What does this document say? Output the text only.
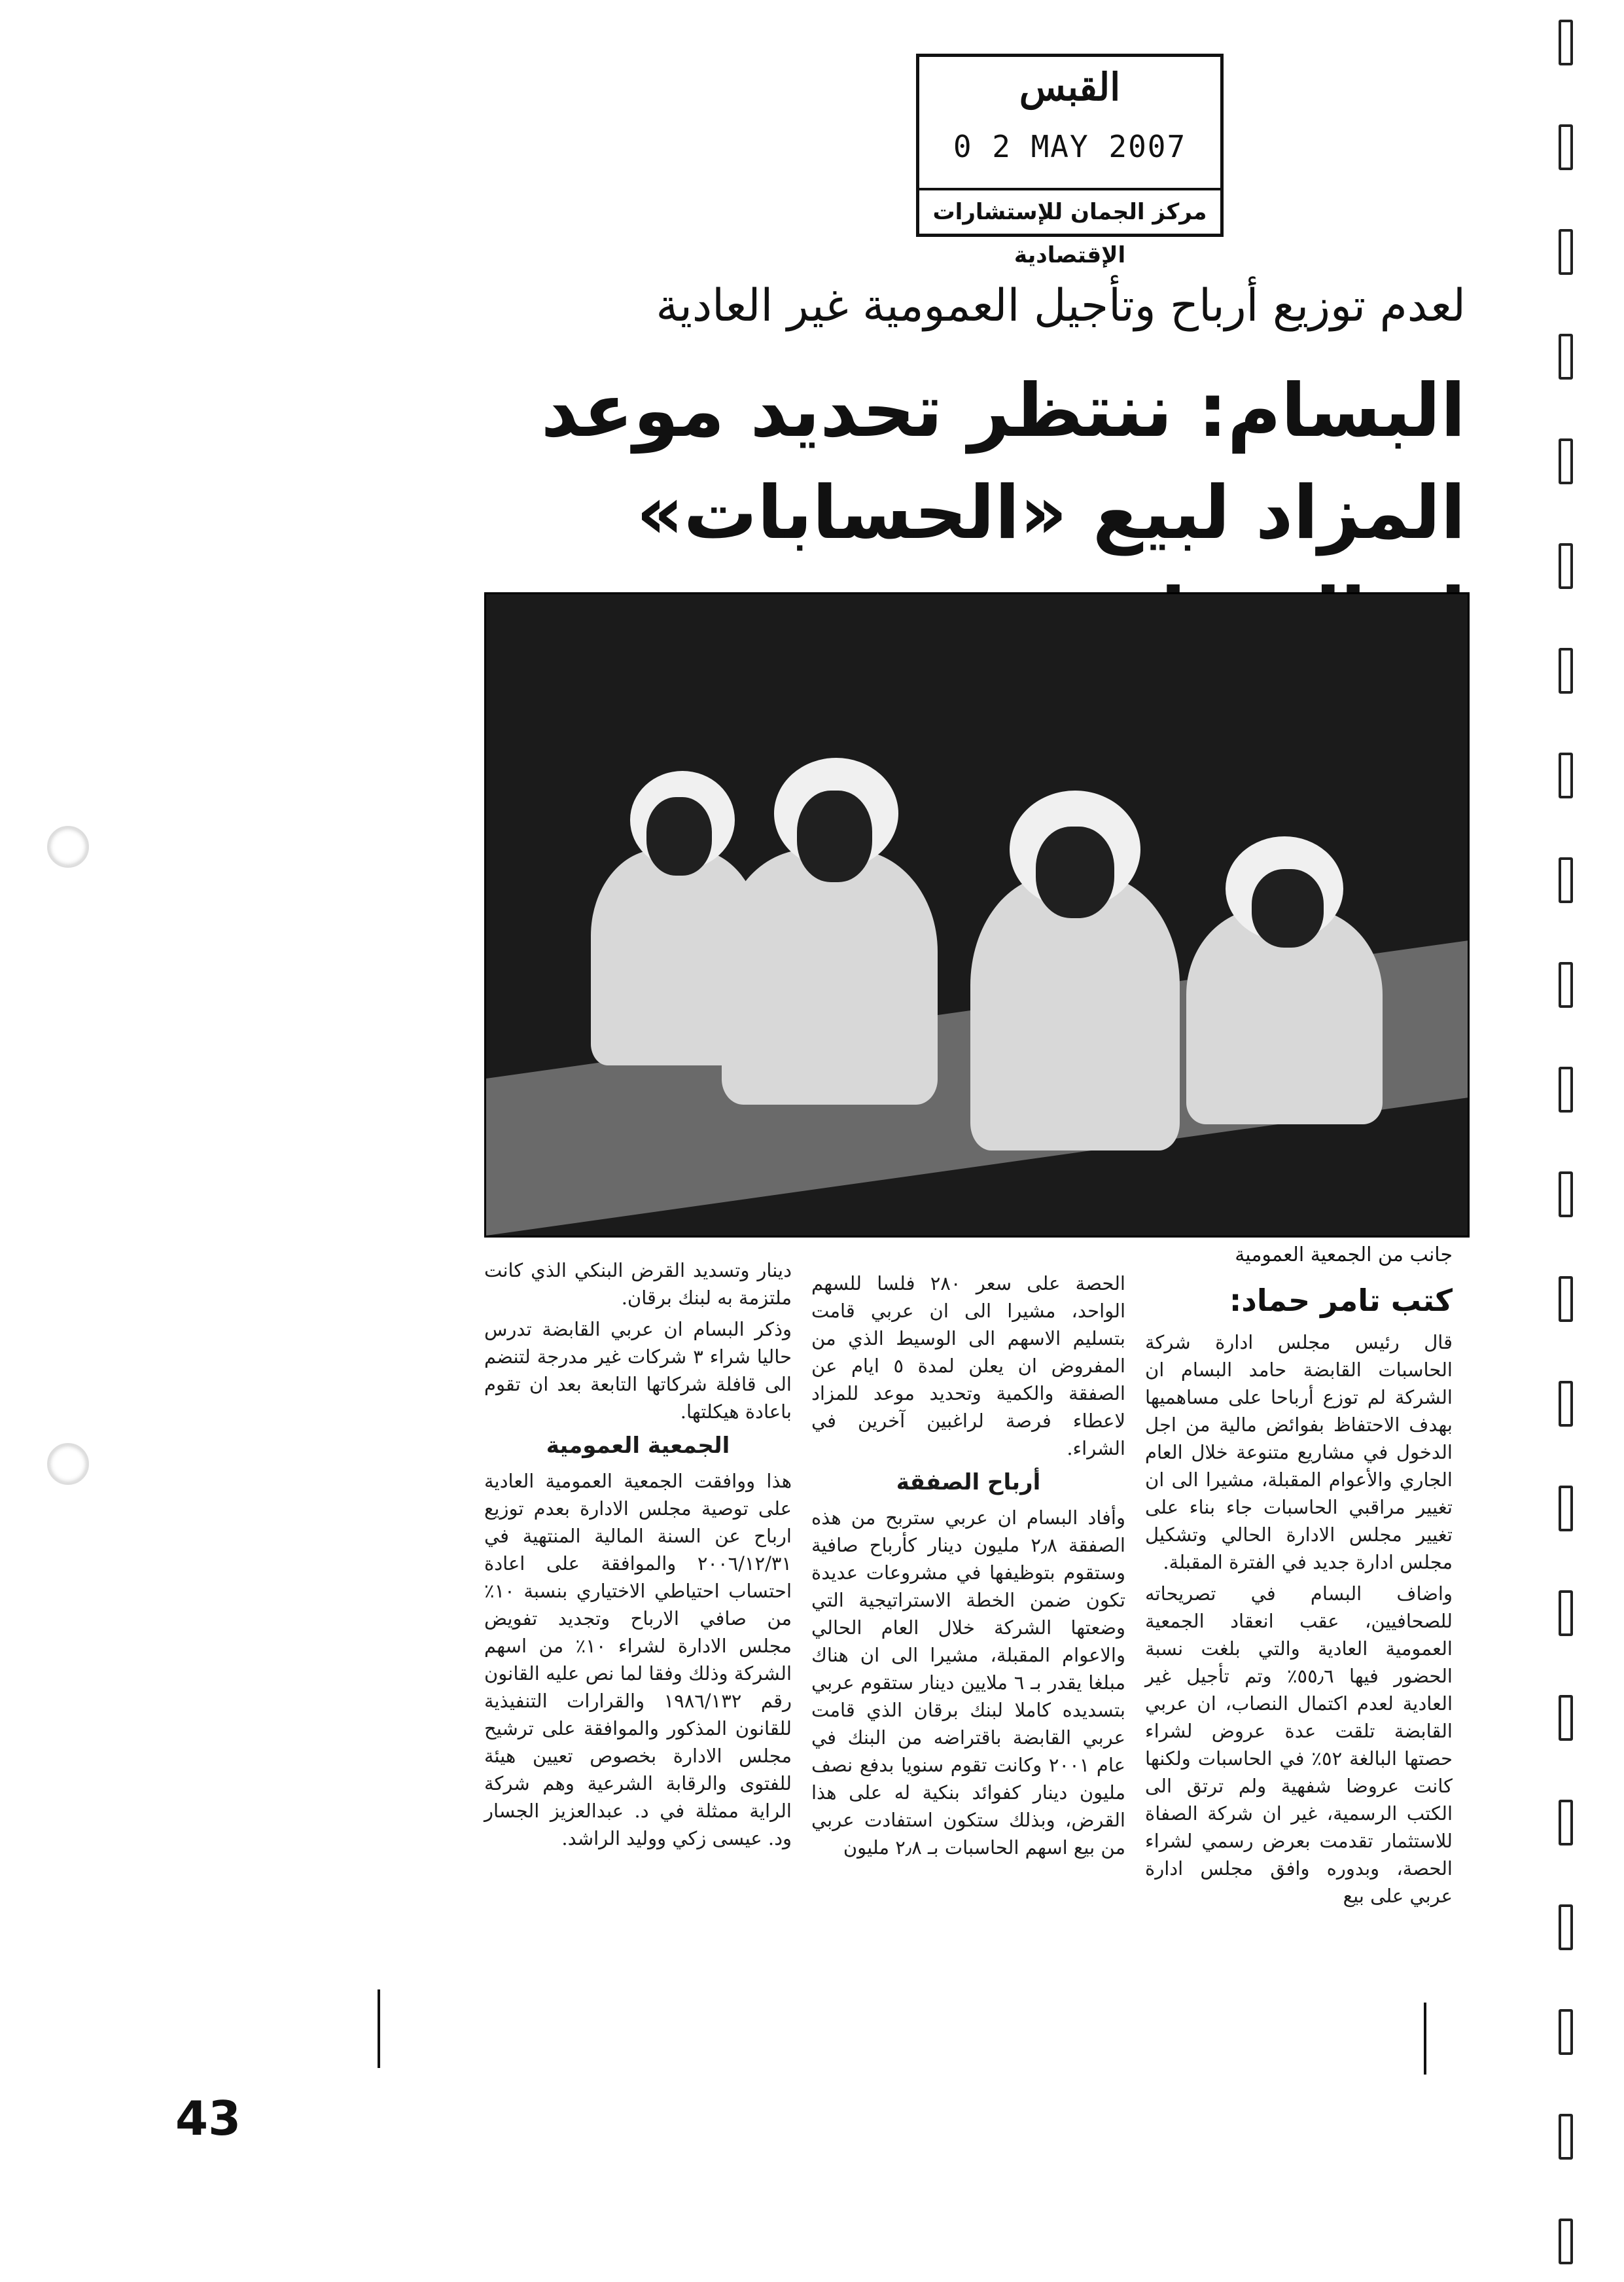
القبس
0 2 MAY 2007
مركز الجمان للإستشارات الإقتصادية
لعدم توزيع أرباح وتأجيل العمومية غير العادية
البسام: ننتظر تحديد موعد
المزاد لبيع «الحسابات»
جانب من الجمعية العمومية
كتب تامر حماد:

قال رئيس مجلس ادارة شركة الحاسبات القابضة حامد البسام ان الشركة لم توزع أرباحا على مساهميها بهدف الاحتفاظ بفوائض مالية من اجل الدخول في مشاريع متنوعة خلال العام الجاري والأعوام المقبلة، مشيرا الى ان تغيير مراقبي الحاسبات جاء بناء على تغيير مجلس الادارة الحالي وتشكيل مجلس ادارة جديد في الفترة المقبلة.

واضاف البسام في تصريحاته للصحافيين، عقب انعقاد الجمعية العمومية العادية والتي بلغت نسبة الحضور فيها ٥٥٫٦٪ وتم تأجيل غير العادية لعدم اكتمال النصاب، ان عربي القابضة تلقت عدة عروض لشراء حصتها البالغة ٥٢٪ في الحاسبات ولكنها كانت عروضا شفهية ولم ترتق الى الكتب الرسمية، غير ان شركة الصفاة للاستثمار تقدمت بعرض رسمي لشراء الحصة، وبدوره وافق مجلس ادارة عربي على بيع

الحصة على سعر ٢٨٠ فلسا للسهم الواحد، مشيرا الى ان عربي قامت بتسليم الاسهم الى الوسيط الذي من المفروض ان يعلن لمدة ٥ ايام عن الصفقة والكمية وتحديد موعد للمزاد لاعطاء فرصة لراغبين آخرين في الشراء.

أرباح الصفقة

وأفاد البسام ان عربي ستربح من هذه الصفقة ٢٫٨ مليون دينار كأرباح صافية وستقوم بتوظيفها في مشروعات عديدة تكون ضمن الخطة الاستراتيجية التي وضعتها الشركة خلال العام الحالي والاعوام المقبلة، مشيرا الى ان هناك مبلغا يقدر بـ ٦ ملايين دينار ستقوم عربي بتسديده كاملا لبنك برقان الذي قامت عربي القابضة باقتراضه من البنك في عام ٢٠٠١ وكانت تقوم سنويا بدفع نصف مليون دينار كفوائد بنكية له على هذا القرض، وبذلك ستكون استفادت عربي من بيع اسهم الحاسبات بـ ٢٫٨ مليون

دينار وتسديد القرض البنكي الذي كانت ملتزمة به لبنك برقان.

وذكر البسام ان عربي القابضة تدرس حاليا شراء ٣ شركات غير مدرجة لتنضم الى قافلة شركاتها التابعة بعد ان تقوم باعادة هيكلتها.

الجمعية العمومية

هذا ووافقت الجمعية العمومية العادية على توصية مجلس الادارة بعدم توزيع ارباح عن السنة المالية المنتهية في ٢٠٠٦/١٢/٣١ والموافقة على اعادة احتساب احتياطي الاختياري بنسبة ١٠٪ من صافي الارباح وتجديد تفويض مجلس الادارة لشراء ١٠٪ من اسهم الشركة وذلك وفقا لما نص عليه القانون رقم ١٩٨٦/١٣٢ والقرارات التنفيذية للقانون المذكور والموافقة على ترشيح مجلس الادارة بخصوص تعيين هيئة للفتوى والرقابة الشرعية وهم شركة الراية ممثلة في د. عبدالعزيز الجسار ود. عيسى زكي ووليد الراشد.

43
